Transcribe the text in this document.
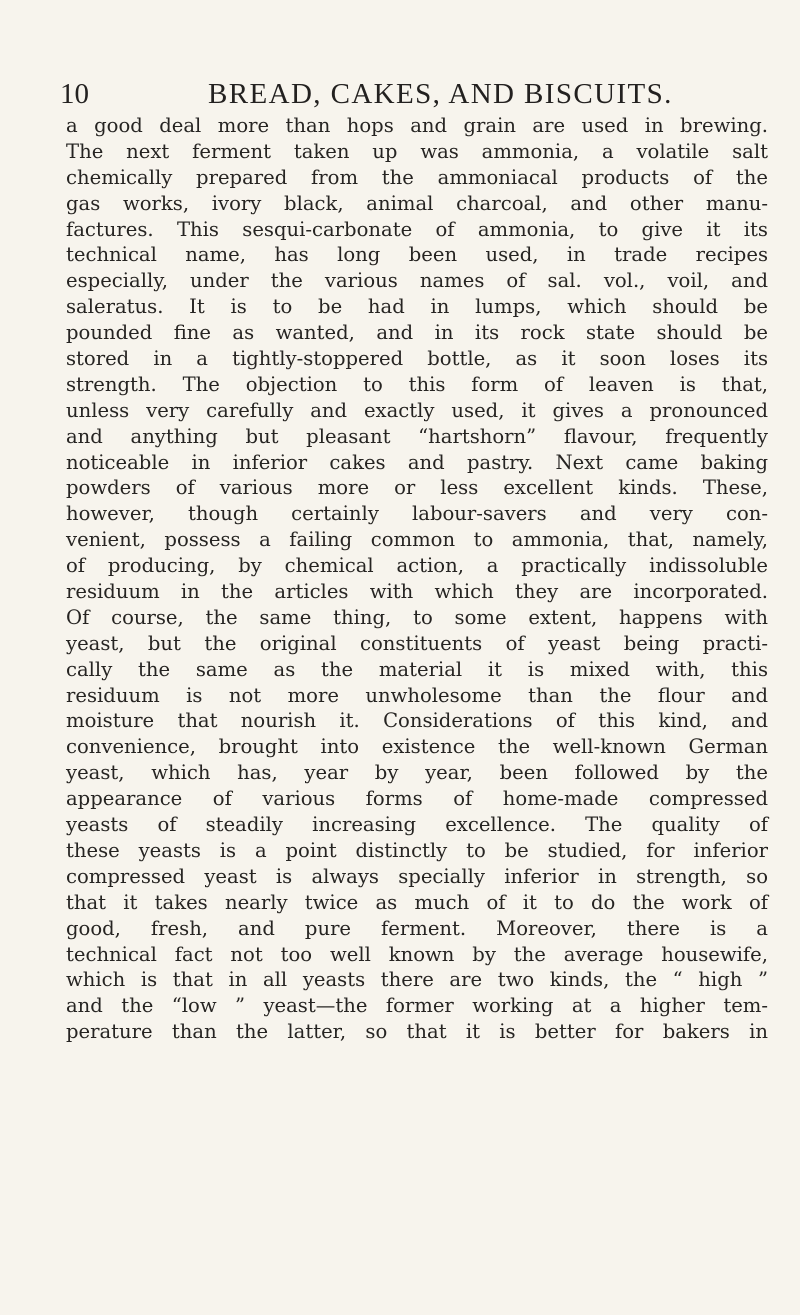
10	BREAD, CAKES, AND BISCUITS.
a good deal more than hops and grain are used in brewing.
The next ferment taken up was ammonia, a volatile salt
chemically prepared from the ammoniacal products of the
gas works, ivory black, animal charcoal, and other manu-
factures. This sesqui-carbonate of ammonia, to give it its
technical name, has long been used, in trade recipes
especially, under the various names of sal. vol., voil, and
saleratus. It is to be had in lumps, which should be
pounded fine as wanted, and in its rock state should be
stored in a tightly-stoppered bottle, as it soon loses its
strength. The objection to this form of leaven is that,
unless very carefully and exactly used, it gives a pronounced
and anything but pleasant “hartshorn” flavour, frequently
noticeable in inferior cakes and pastry. Next came baking
powders of various more or less excellent kinds. These,
however, though certainly labour-savers and very con-
venient, possess a failing common to ammonia, that, namely,
of producing, by chemical action, a practically indissoluble
residuum in the articles with which they are incorporated.
Of course, the same thing, to some extent, happens with
yeast, but the original constituents of yeast being practi-
cally the same as the material it is mixed with, this
residuum is not more unwholesome than the flour and
moisture that nourish it. Considerations of this kind, and
convenience, brought into existence the well-known German
yeast, which has, year by year, been followed by the
appearance of various forms of home-made compressed
yeasts of steadily increasing excellence. The quality of
these yeasts is a point distinctly to be studied, for inferior
compressed yeast is always specially inferior in strength, so
that it takes nearly twice as much of it to do the work of
good, fresh, and pure ferment. Moreover, there is a
technical fact not too well known by the average housewife,
which is that in all yeasts there are two kinds, the “ high ”
and the “low ” yeast—the former working at a higher tem-
perature than the latter, so that it is better for bakers in
